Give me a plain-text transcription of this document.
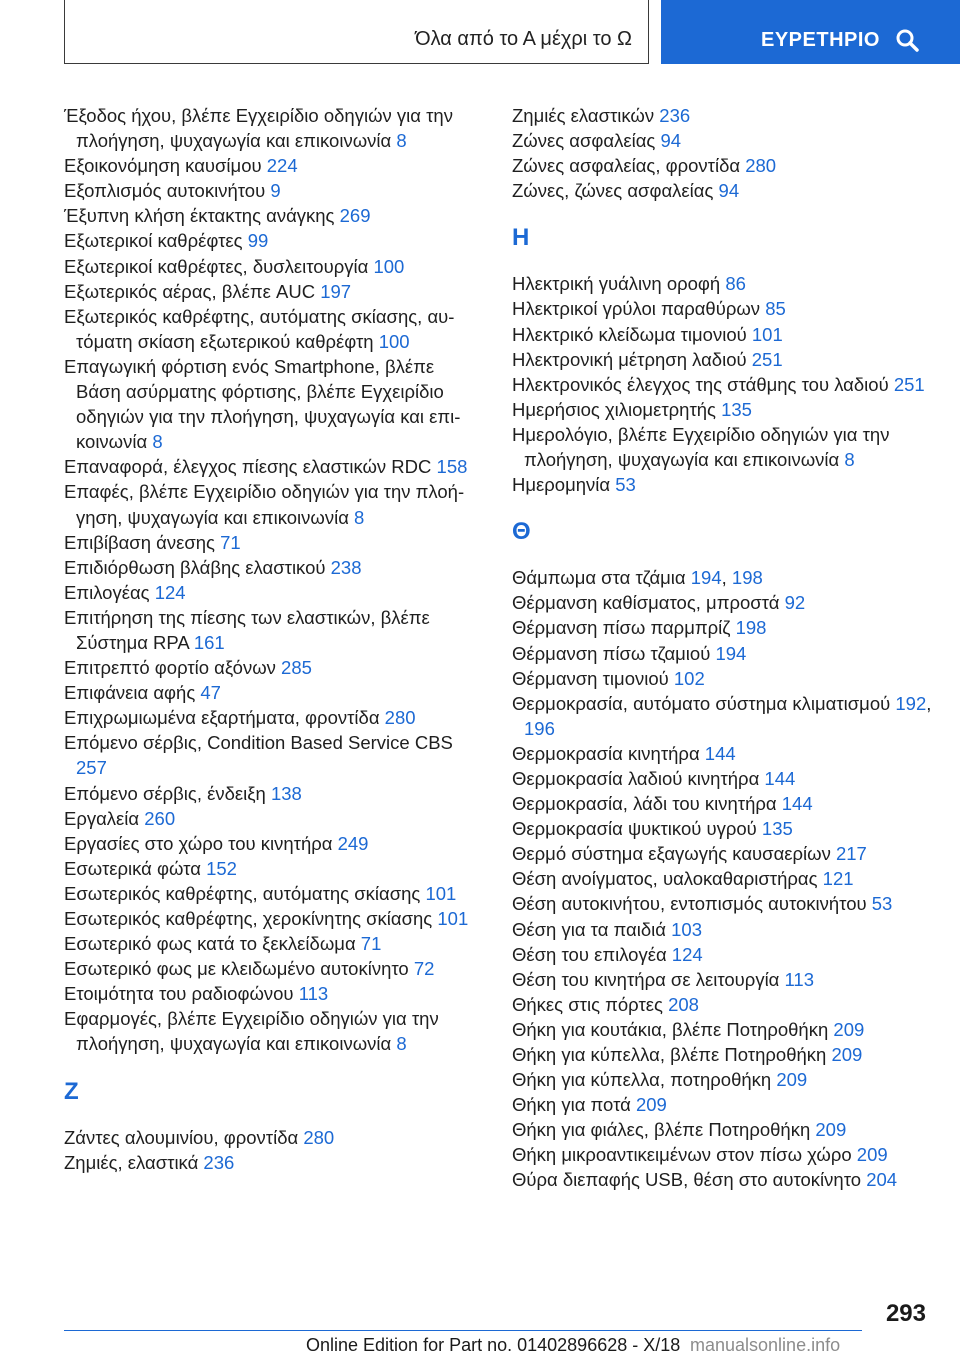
Όλα από το Α μέχρι το Ω	ΕΥΡΕΤΗΡΙΟ
Έξοδος ήχου, βλέπε Εγχειρίδιο οδηγιών για την πλοήγηση, ψυχαγωγία και επικοινωνία 8
Εξοικονόμηση καυσίμου 224
Εξοπλισμός αυτοκινήτου 9
Έξυπνη κλήση έκτακτης ανάγκης 269
Εξωτερικοί καθρέφτες 99
Εξωτερικοί καθρέφτες, δυσλειτουργία 100
Εξωτερικός αέρας, βλέπε AUC 197
Εξωτερικός καθρέφτης, αυτόματης σκίασης, αυτόματη σκίαση εξωτερικού καθρέφτη 100
Επαγωγική φόρτιση ενός Smartphone, βλέπε Βάση ασύρματης φόρτισης, βλέπε Εγχειρίδιο οδηγιών για την πλοήγηση, ψυχαγωγία και επικοινωνία 8
Επαναφορά, έλεγχος πίεσης ελαστικών RDC 158
Επαφές, βλέπε Εγχειρίδιο οδηγιών για την πλοήγηση, ψυχαγωγία και επικοινωνία 8
Επιβίβαση άνεσης 71
Επιδιόρθωση βλάβης ελαστικού 238
Επιλογέας 124
Επιτήρηση της πίεσης των ελαστικών, βλέπε Σύστημα RPA 161
Επιτρεπτό φορτίο αξόνων 285
Επιφάνεια αφής 47
Επιχρωμιωμένα εξαρτήματα, φροντίδα 280
Επόμενο σέρβις, Condition Based Service CBS 257
Επόμενο σέρβις, ένδειξη 138
Εργαλεία 260
Εργασίες στο χώρο του κινητήρα 249
Εσωτερικά φώτα 152
Εσωτερικός καθρέφτης, αυτόματης σκίασης 101
Εσωτερικός καθρέφτης, χεροκίνητης σκίασης 101
Εσωτερικό φως κατά το ξεκλείδωμα 71
Εσωτερικό φως με κλειδωμένο αυτοκίνητο 72
Ετοιμότητα του ραδιοφώνου 113
Εφαρμογές, βλέπε Εγχειρίδιο οδηγιών για την πλοήγηση, ψυχαγωγία και επικοινωνία 8
Ζ
Ζάντες αλουμινίου, φροντίδα 280
Ζημιές, ελαστικά 236
Ζημιές ελαστικών 236
Ζώνες ασφαλείας 94
Ζώνες ασφαλείας, φροντίδα 280
Ζώνες, ζώνες ασφαλείας 94
Η
Ηλεκτρική γυάλινη οροφή 86
Ηλεκτρικοί γρύλοι παραθύρων 85
Ηλεκτρικό κλείδωμα τιμονιού 101
Ηλεκτρονική μέτρηση λαδιού 251
Ηλεκτρονικός έλεγχος της στάθμης του λαδιού 251
Ημερήσιος χιλιομετρητής 135
Ημερολόγιο, βλέπε Εγχειρίδιο οδηγιών για την πλοήγηση, ψυχαγωγία και επικοινωνία 8
Ημερομηνία 53
Θ
Θάμπωμα στα τζάμια 194, 198
Θέρμανση καθίσματος, μπροστά 92
Θέρμανση πίσω παρμπρίζ 198
Θέρμανση πίσω τζαμιού 194
Θέρμανση τιμονιού 102
Θερμοκρασία, αυτόματο σύστημα κλιματισμού 192, 196
Θερμοκρασία κινητήρα 144
Θερμοκρασία λαδιού κινητήρα 144
Θερμοκρασία, λάδι του κινητήρα 144
Θερμοκρασία ψυκτικού υγρού 135
Θερμό σύστημα εξαγωγής καυσαερίων 217
Θέση ανοίγματος, υαλοκαθαριστήρας 121
Θέση αυτοκινήτου, εντοπισμός αυτοκινήτου 53
Θέση για τα παιδιά 103
Θέση του επιλογέα 124
Θέση του κινητήρα σε λειτουργία 113
Θήκες στις πόρτες 208
Θήκη για κουτάκια, βλέπε Ποτηροθήκη 209
Θήκη για κύπελλα, βλέπε Ποτηροθήκη 209
Θήκη για κύπελλα, ποτηροθήκη 209
Θήκη για ποτά 209
Θήκη για φιάλες, βλέπε Ποτηροθήκη 209
Θήκη μικροαντικειμένων στον πίσω χώρο 209
Θύρα διεπαφής USB, θέση στο αυτοκίνητο 204
293
Online Edition for Part no. 01402896628 - X/18 manualsonline.info
